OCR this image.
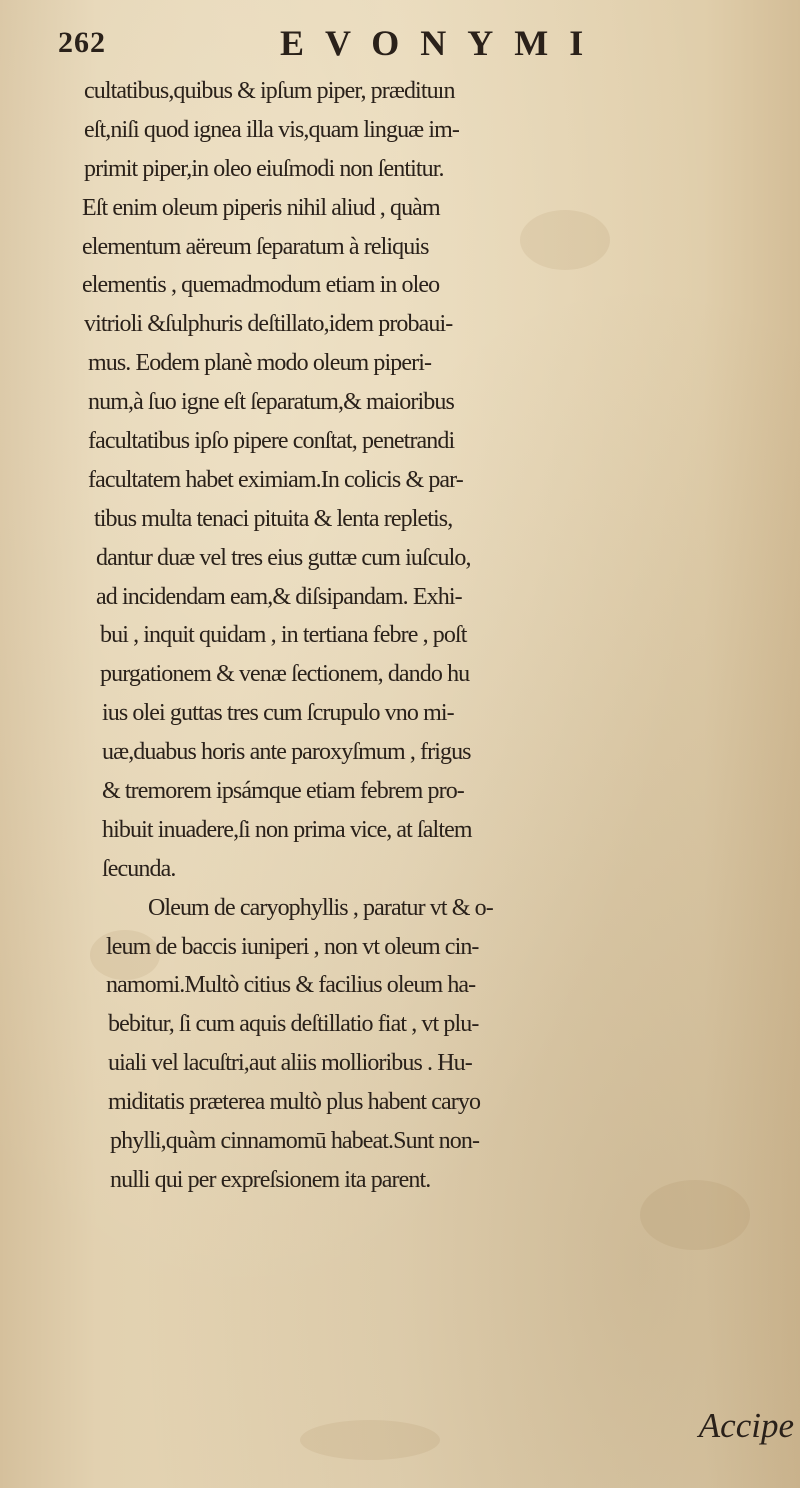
262	EVONYMI
cultatibus,quibus & ipſum piper, prædituın
eſt,niſi quod ignea illa vis,quam linguæ im-
primit piper,in oleo eiuſmodi non ſentitur.
Eſt enim oleum piperis nihil aliud , quàm
elementum aëreum ſeparatum à reliquis
elementis , quemadmodum etiam in oleo
vitrioli &ſulphuris deſtillato,idem probaui-
mus. Eodem planè modo oleum piperi-
num,à ſuo igne eſt ſeparatum,& maioribus
facultatibus ipſo pipere conſtat, penetrandi
facultatem habet eximiam.In colicis & par-
tibus multa tenaci pituita & lenta repletis,
dantur duæ vel tres eius guttæ cum iuſculo,
ad incidendam eam,& diſsipandam. Exhi-
bui , inquit quidam , in tertiana febre , poſt
purgationem & venæ ſectionem, dando hu
ius olei guttas tres cum ſcrupulo vno mi-
uæ,duabus horis ante paroxyſmum , frigus
& tremorem ipsámque etiam febrem pro-
hibuit inuadere,ſi non prima vice, at ſaltem
ſecunda.
Oleum de caryophyllis , paratur vt & o-
leum de baccis iuniperi , non vt oleum cin-
namomi.Multò citius & facilius oleum ha-
bebitur, ſi cum aquis deſtillatio fiat , vt plu-
uiali vel lacuſtri,aut aliis mollioribus . Hu-
miditatis præterea multò plus habent caryo
phylli,quàm cinnamomū habeat.Sunt non-
nulli qui per expreſsionem ita parent.
Accipe
